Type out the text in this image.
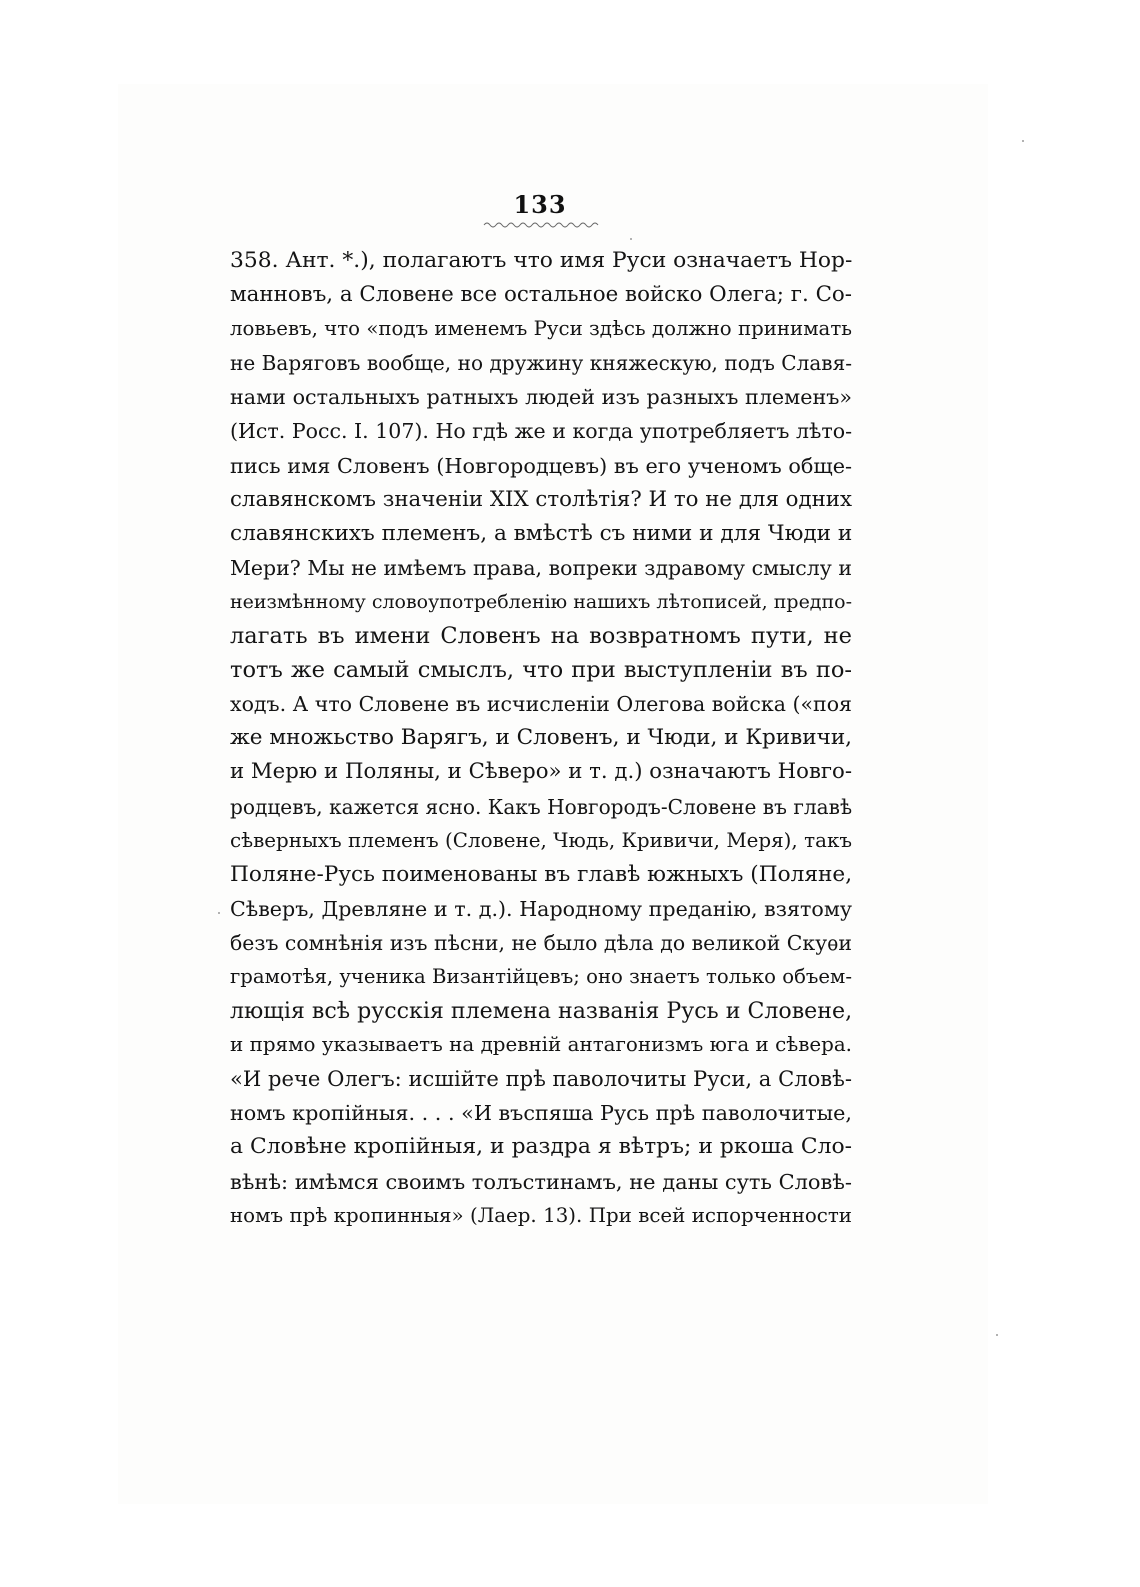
133
358. Ант. *.), полагаютъ что имя Руси означаетъ Нор-
манновъ, а Словене все остальное войско Олега; г. Со-
ловьевъ, что «подъ именемъ Руси здѣсь должно принимать
не Варяговъ вообще, но дружину княжескую, подъ Славя-
нами остальныхъ ратныхъ людей изъ разныхъ племенъ»
(Ист. Росс. I. 107). Но гдѣ же и когда употребляетъ лѣто-
пись имя Словенъ (Новгородцевъ) въ его ученомъ обще-
славянскомъ значенiи XIX столѣтiя? И то не для одних
славянскихъ племенъ, а вмѣстѣ съ ними и для Чюди и
Мери? Мы не имѣемъ права, вопреки здравому смыслу и
неизмѣнному словоупотребленiю нашихъ лѣтописей, предпо-
лагать въ имени Словенъ на возвратномъ пути, не
тотъ же самый смыслъ, что при выступленiи въ по-
ходъ. А что Словене въ исчисленiи Олегова войска («поя
же множьство Варягъ, и Словенъ, и Чюди, и Кривичи,
и Мерю и Поляны, и Сѣверо» и т. д.) означаютъ Новго-
родцевъ, кажется ясно. Какъ Новгородъ-Словене въ главѣ
сѣверныхъ племенъ (Словене, Чюдь, Кривичи, Меря), такъ
Поляне-Русь поименованы въ главѣ южныхъ (Поляне,
Сѣверъ, Древляне и т. д.). Народному преданiю, взятому
безъ сомнѣнiя изъ пѣсни, не было дѣла до великой Скуѳи
грамотѣя, ученика Византiйцевъ; оно знаетъ только объем-
лющiя всѣ русскiя племена названiя Русь и Словене,
и прямо указываетъ на древнiй антагонизмъ юга и сѣвера.
«И рече Олегъ: исшiйте прѣ паволочиты Руси, а Словѣ-
номъ кропiйныя. . . . «И въспяша Русь прѣ паволочитые,
а Словѣне кропiйныя, и раздра я вѣтръ; и ркоша Сло-
вѣнѣ: имѣмся своимъ толъстинамъ, не даны суть Словѣ-
номъ прѣ кропинныя» (Лаер. 13). При всей испорченности
